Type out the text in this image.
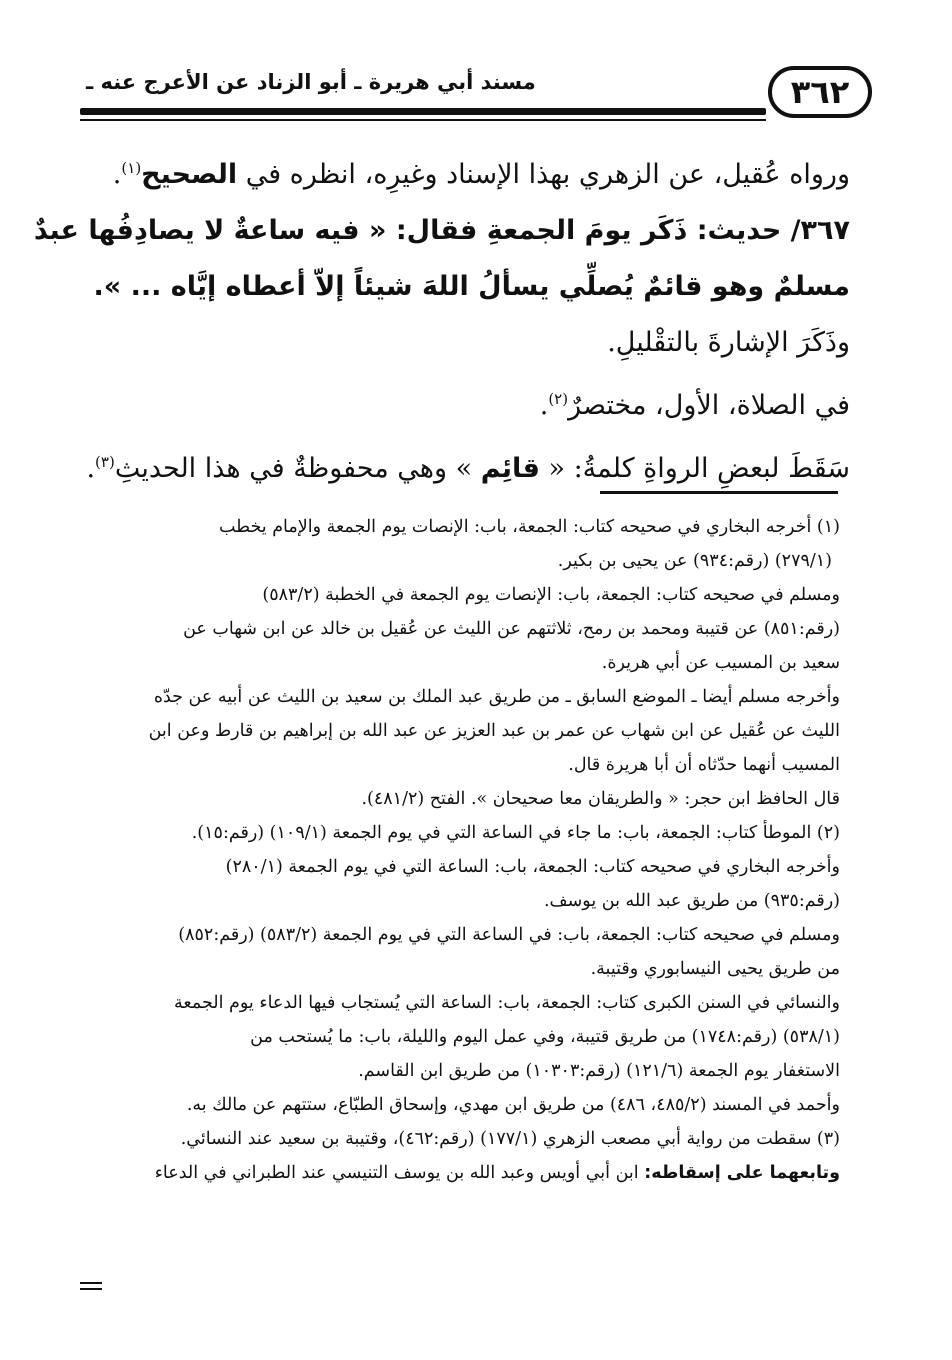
٣٦٢
مسند أبي هريرة ـ أبو الزناد عن الأعرج عنه ـ
ورواه عُقيل، عن الزهري بهذا الإسناد وغيرِه، انظره في الصحيح$^{(١)}$.
٣٦٧/ حديث: ذَكَر يومَ الجمعةِ فقال: « فيه ساعةٌ لا يصادِفُها عبدٌ
مسلمٌ وهو قائمٌ يُصلِّي يسألُ اللهَ شيئاً إلاّ أعطاه إيَّاه ... ».
وذَكَرَ الإشارةَ بالتقْليلِ.
في الصلاة، الأول، مختصرٌ$^{(٢)}$.
سَقَطَ لبعضِ الرواةِ كلمةُ: « قائِم » وهي محفوظةٌ في هذا الحديثِ$^{(٣)}$.
(١) أخرجه البخاري في صحيحه كتاب: الجمعة، باب: الإنصات يوم الجمعة والإمام يخطب
(٢٧٩/١) (رقم:٩٣٤) عن يحيى بن بكير.
ومسلم في صحيحه كتاب: الجمعة، باب: الإنصات يوم الجمعة في الخطبة (٥٨٣/٢)
(رقم:٨٥١) عن قتيبة ومحمد بن رمح، ثلاثتهم عن الليث عن عُقيل بن خالد عن ابن شهاب عن
سعيد بن المسيب عن أبي هريرة.
وأخرجه مسلم أيضا ـ الموضع السابق ـ من طريق عبد الملك بن سعيد بن الليث عن أبيه عن جدّه
الليث عن عُقيل عن ابن شهاب عن عمر بن عبد العزيز عن عبد الله بن إبراهيم بن قارط وعن ابن
المسيب أنهما حدّثاه أن أبا هريرة قال.
قال الحافظ ابن حجر: « والطريقان معا صحيحان ». الفتح (٤٨١/٢).
(٢) الموطأ كتاب: الجمعة، باب: ما جاء في الساعة التي في يوم الجمعة (١٠٩/١) (رقم:١٥).
وأخرجه البخاري في صحيحه كتاب: الجمعة، باب: الساعة التي في يوم الجمعة (٢٨٠/١)
(رقم:٩٣٥) من طريق عبد الله بن يوسف.
ومسلم في صحيحه كتاب: الجمعة، باب: في الساعة التي في يوم الجمعة (٥٨٣/٢) (رقم:٨٥٢)
من طريق يحيى النيسابوري وقتيبة.
والنسائي في السنن الكبرى كتاب: الجمعة، باب: الساعة التي يُستجاب فيها الدعاء يوم الجمعة
(٥٣٨/١) (رقم:١٧٤٨) من طريق قتيبة، وفي عمل اليوم والليلة، باب: ما يُستحب من
الاستغفار يوم الجمعة (١٢١/٦) (رقم:١٠٣٠٣) من طريق ابن القاسم.
وأحمد في المسند (٤٨٥/٢، ٤٨٦) من طريق ابن مهدي، وإسحاق الطبّاع، ستتهم عن مالك به.
(٣) سقطت من رواية أبي مصعب الزهري (١٧٧/١) (رقم:٤٦٢)، وقتيبة بن سعيد عند النسائي.
وتابعهما على إسقاطه: ابن أبي أويس وعبد الله بن يوسف التنيسي عند الطبراني في الدعاء
